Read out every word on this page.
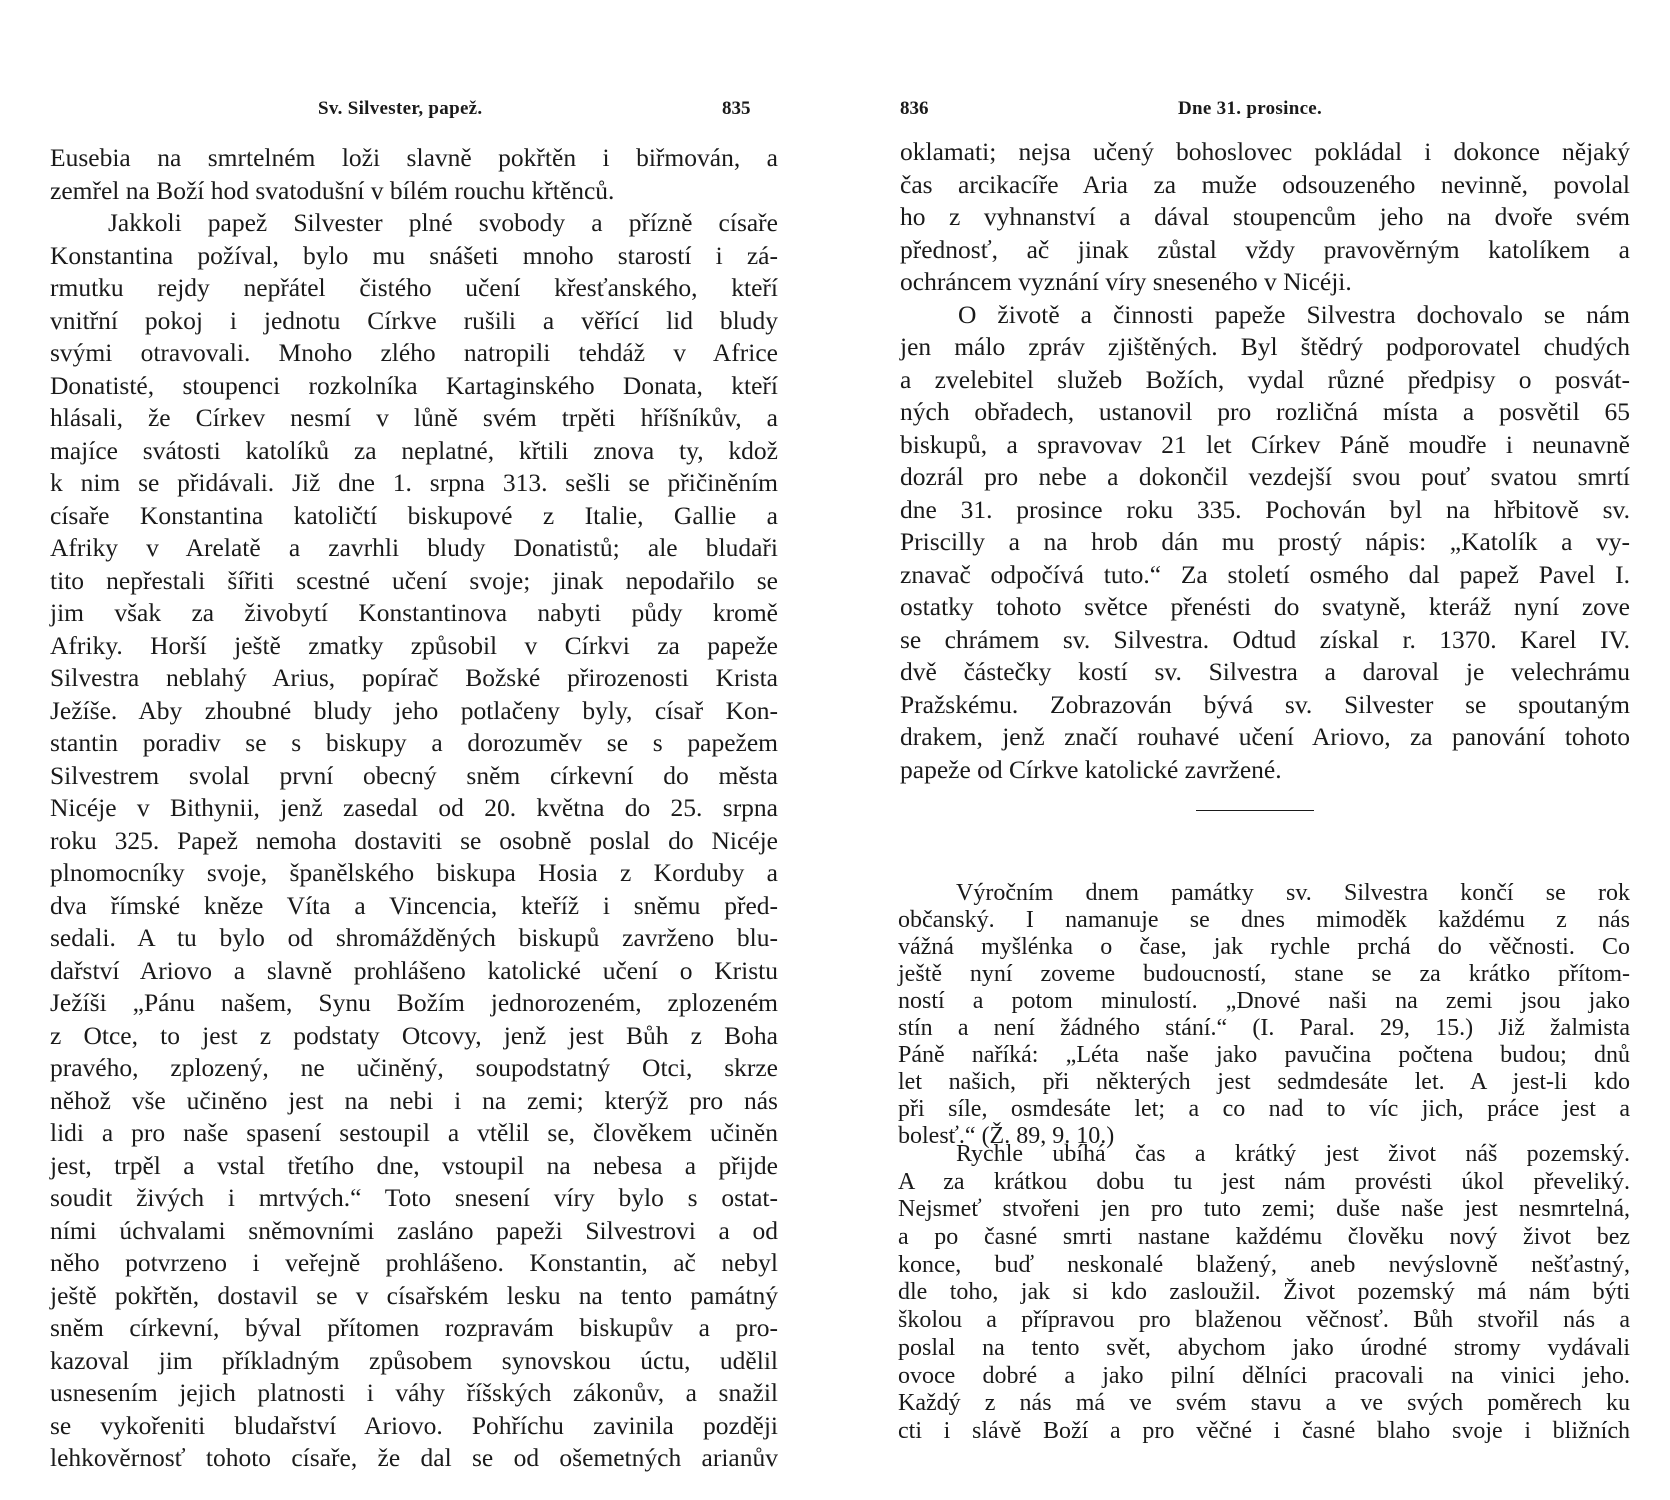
Sv. Silvester, papež.	835
Eusebia na smrtelném loži slavně pokřtěn i biřmován, a
zemřel na Boží hod svatodušní v bílém rouchu křtěnců.
Jakkoli papež Silvester plné svobody a přízně císaře
Konstantina požíval, bylo mu snášeti mnoho starostí i zá-
rmutku rejdy nepřátel čistého učení křesťanského, kteří
vnitřní pokoj i jednotu Církve rušili a věřící lid bludy
svými otravovali. Mnoho zlého natropili tehdáž v Africe
Donatisté, stoupenci rozkolníka Kartaginského Donata, kteří
hlásali, že Církev nesmí v lůně svém trpěti hříšníkův, a
majíce svátosti katolíků za neplatné, křtili znova ty, kdož
k nim se přidávali. Již dne 1. srpna 313. sešli se přičiněním
císaře Konstantina katoličtí biskupové z Italie, Gallie a
Afriky v Arelatě a zavrhli bludy Donatistů; ale bludaři
tito nepřestali šířiti scestné učení svoje; jinak nepodařilo se
jim však za živobytí Konstantinova nabyti půdy kromě
Afriky. Horší ještě zmatky způsobil v Církvi za papeže
Silvestra neblahý Arius, popírač Božské přirozenosti Krista
Ježíše. Aby zhoubné bludy jeho potlačeny byly, císař Kon-
stantin poradiv se s biskupy a dorozuměv se s papežem
Silvestrem svolal první obecný sněm církevní do města
Nicéje v Bithynii, jenž zasedal od 20. května do 25. srpna
roku 325. Papež nemoha dostaviti se osobně poslal do Nicéje
plnomocníky svoje, španělského biskupa Hosia z Korduby a
dva římské kněze Víta a Vincencia, kteříž i sněmu před-
sedali. A tu bylo od shromážděných biskupů zavrženo blu-
dařství Ariovo a slavně prohlášeno katolické učení o Kristu
Ježíši „Pánu našem, Synu Božím jednorozeném, zplozeném
z Otce, to jest z podstaty Otcovy, jenž jest Bůh z Boha
pravého, zplozený, ne učiněný, soupodstatný Otci, skrze
něhož vše učiněno jest na nebi i na zemi; kterýž pro nás
lidi a pro naše spasení sestoupil a vtělil se, člověkem učiněn
jest, trpěl a vstal třetího dne, vstoupil na nebesa a přijde
soudit živých i mrtvých.“ Toto snesení víry bylo s ostat-
ními úchvalami sněmovními zasláno papeži Silvestrovi a od
něho potvrzeno i veřejně prohlášeno. Konstantin, ač nebyl
ještě pokřtěn, dostavil se v císařském lesku na tento památný
sněm církevní, býval přítomen rozpravám biskupův a pro-
kazoval jim příkladným způsobem synovskou úctu, udělil
usnesením jejich platnosti i váhy říšských zákonův, a snažil
se vykořeniti bludařství Ariovo. Pohříchu zavinila později
lehkověrnosť tohoto císaře, že dal se od ošemetných arianův
836	Dne 31. prosince.
oklamati; nejsa učený bohoslovec pokládal i dokonce nějaký
čas arcikacíře Aria za muže odsouzeného nevinně, povolal
ho z vyhnanství a dával stoupencům jeho na dvoře svém
přednosť, ač jinak zůstal vždy pravověrným katolíkem a
ochráncem vyznání víry sneseného v Nicéji.
O životě a činnosti papeže Silvestra dochovalo se nám
jen málo zpráv zjištěných. Byl štědrý podporovatel chudých
a zvelebitel služeb Božích, vydal různé předpisy o posvát-
ných obřadech, ustanovil pro rozličná místa a posvětil 65
biskupů, a spravovav 21 let Církev Páně moudře i neunavně
dozrál pro nebe a dokončil vezdejší svou pouť svatou smrtí
dne 31. prosince roku 335. Pochován byl na hřbitově sv.
Priscilly a na hrob dán mu prostý nápis: „Katolík a vy-
znavač odpočívá tuto.“ Za století osmého dal papež Pavel I.
ostatky tohoto světce přenésti do svatyně, kteráž nyní zove
se chrámem sv. Silvestra. Odtud získal r. 1370. Karel IV.
dvě částečky kostí sv. Silvestra a daroval je velechrámu
Pražskému. Zobrazován bývá sv. Silvester se spoutaným
drakem, jenž značí rouhavé učení Ariovo, za panování tohoto
papeže od Církve katolické zavržené.
Výročním dnem památky sv. Silvestra končí se rok
občanský. I namanuje se dnes mimoděk každému z nás
vážná myšlénka o čase, jak rychle prchá do věčnosti. Co
ještě nyní zoveme budoucností, stane se za krátko přítom-
ností a potom minulostí. „Dnové naši na zemi jsou jako
stín a není žádného stání.“ (I. Paral. 29, 15.) Již žalmista
Páně naříká: „Léta naše jako pavučina počtena budou; dnů
let našich, při některých jest sedmdesáte let. A jest-li kdo
při síle, osmdesáte let; a co nad to víc jich, práce jest a
bolesť.“ (Ž. 89, 9. 10.)
Rychle ubíhá čas a krátký jest život náš pozemský.
A za krátkou dobu tu jest nám provésti úkol převeliký.
Nejsmeť stvořeni jen pro tuto zemi; duše naše jest nesmrtelná,
a po časné smrti nastane každému člověku nový život bez
konce, buď neskonalé blažený, aneb nevýslovně nešťastný,
dle toho, jak si kdo zasloužil. Život pozemský má nám býti
školou a přípravou pro blaženou věčnosť. Bůh stvořil nás a
poslal na tento svět, abychom jako úrodné stromy vydávali
ovoce dobré a jako pilní dělníci pracovali na vinici jeho.
Každý z nás má ve svém stavu a ve svých poměrech ku
cti i slávě Boží a pro věčné i časné blaho svoje i bližních
